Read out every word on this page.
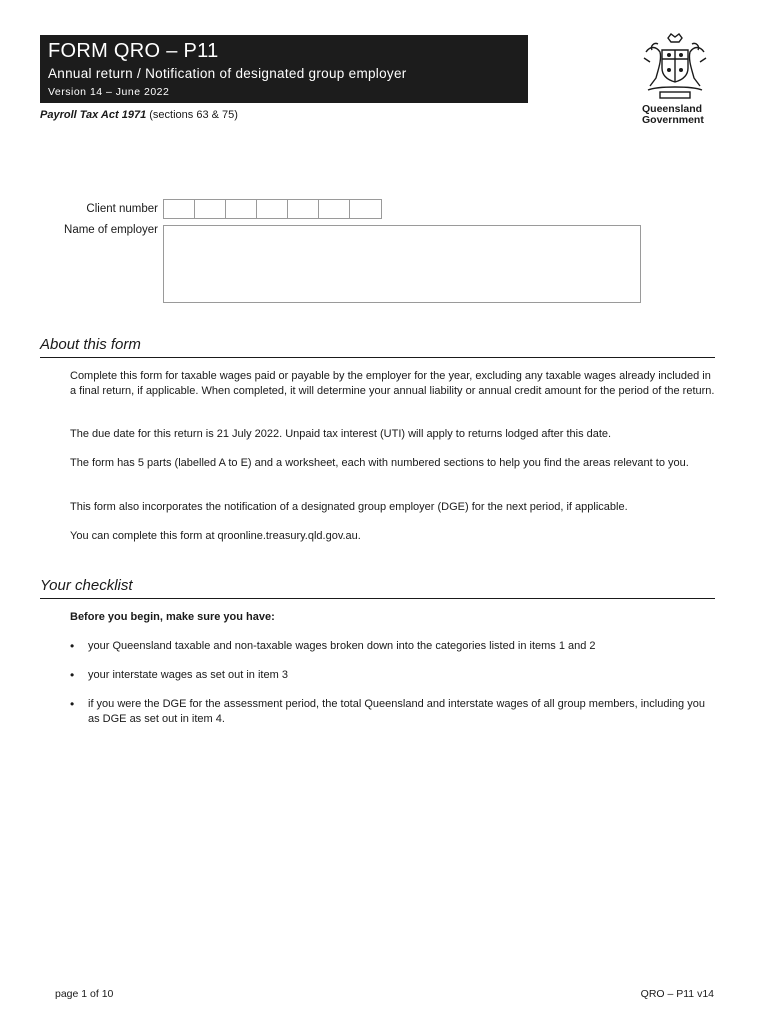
FORM QRO – P11
Annual return / Notification of designated group employer
Version 14 – June 2022
Payroll Tax Act 1971 (sections 63 & 75)	Queensland
Government
Client number
Name of employer
About this form
Complete this form for taxable wages paid or payable by the employer for the year, excluding any taxable wages already included in a final return, if applicable. When completed, it will determine your annual liability or annual credit amount for the period of the return.
The due date for this return is 21 July 2022. Unpaid tax interest (UTI) will apply to returns lodged after this date.
The form has 5 parts (labelled A to E) and a worksheet, each with numbered sections to help you find the areas relevant to you.
This form also incorporates the notification of a designated group employer (DGE) for the next period, if applicable.
You can complete this form at qroonline.treasury.qld.gov.au.
Your checklist
Before you begin, make sure you have:
• your Queensland taxable and non-taxable wages broken down into the categories listed in items 1 and 2
• your interstate wages as set out in item 3
• if you were the DGE for the assessment period, the total Queensland and interstate wages of all group members, including you as DGE as set out in item 4.
page 1 of 10	QRO – P11 v14
